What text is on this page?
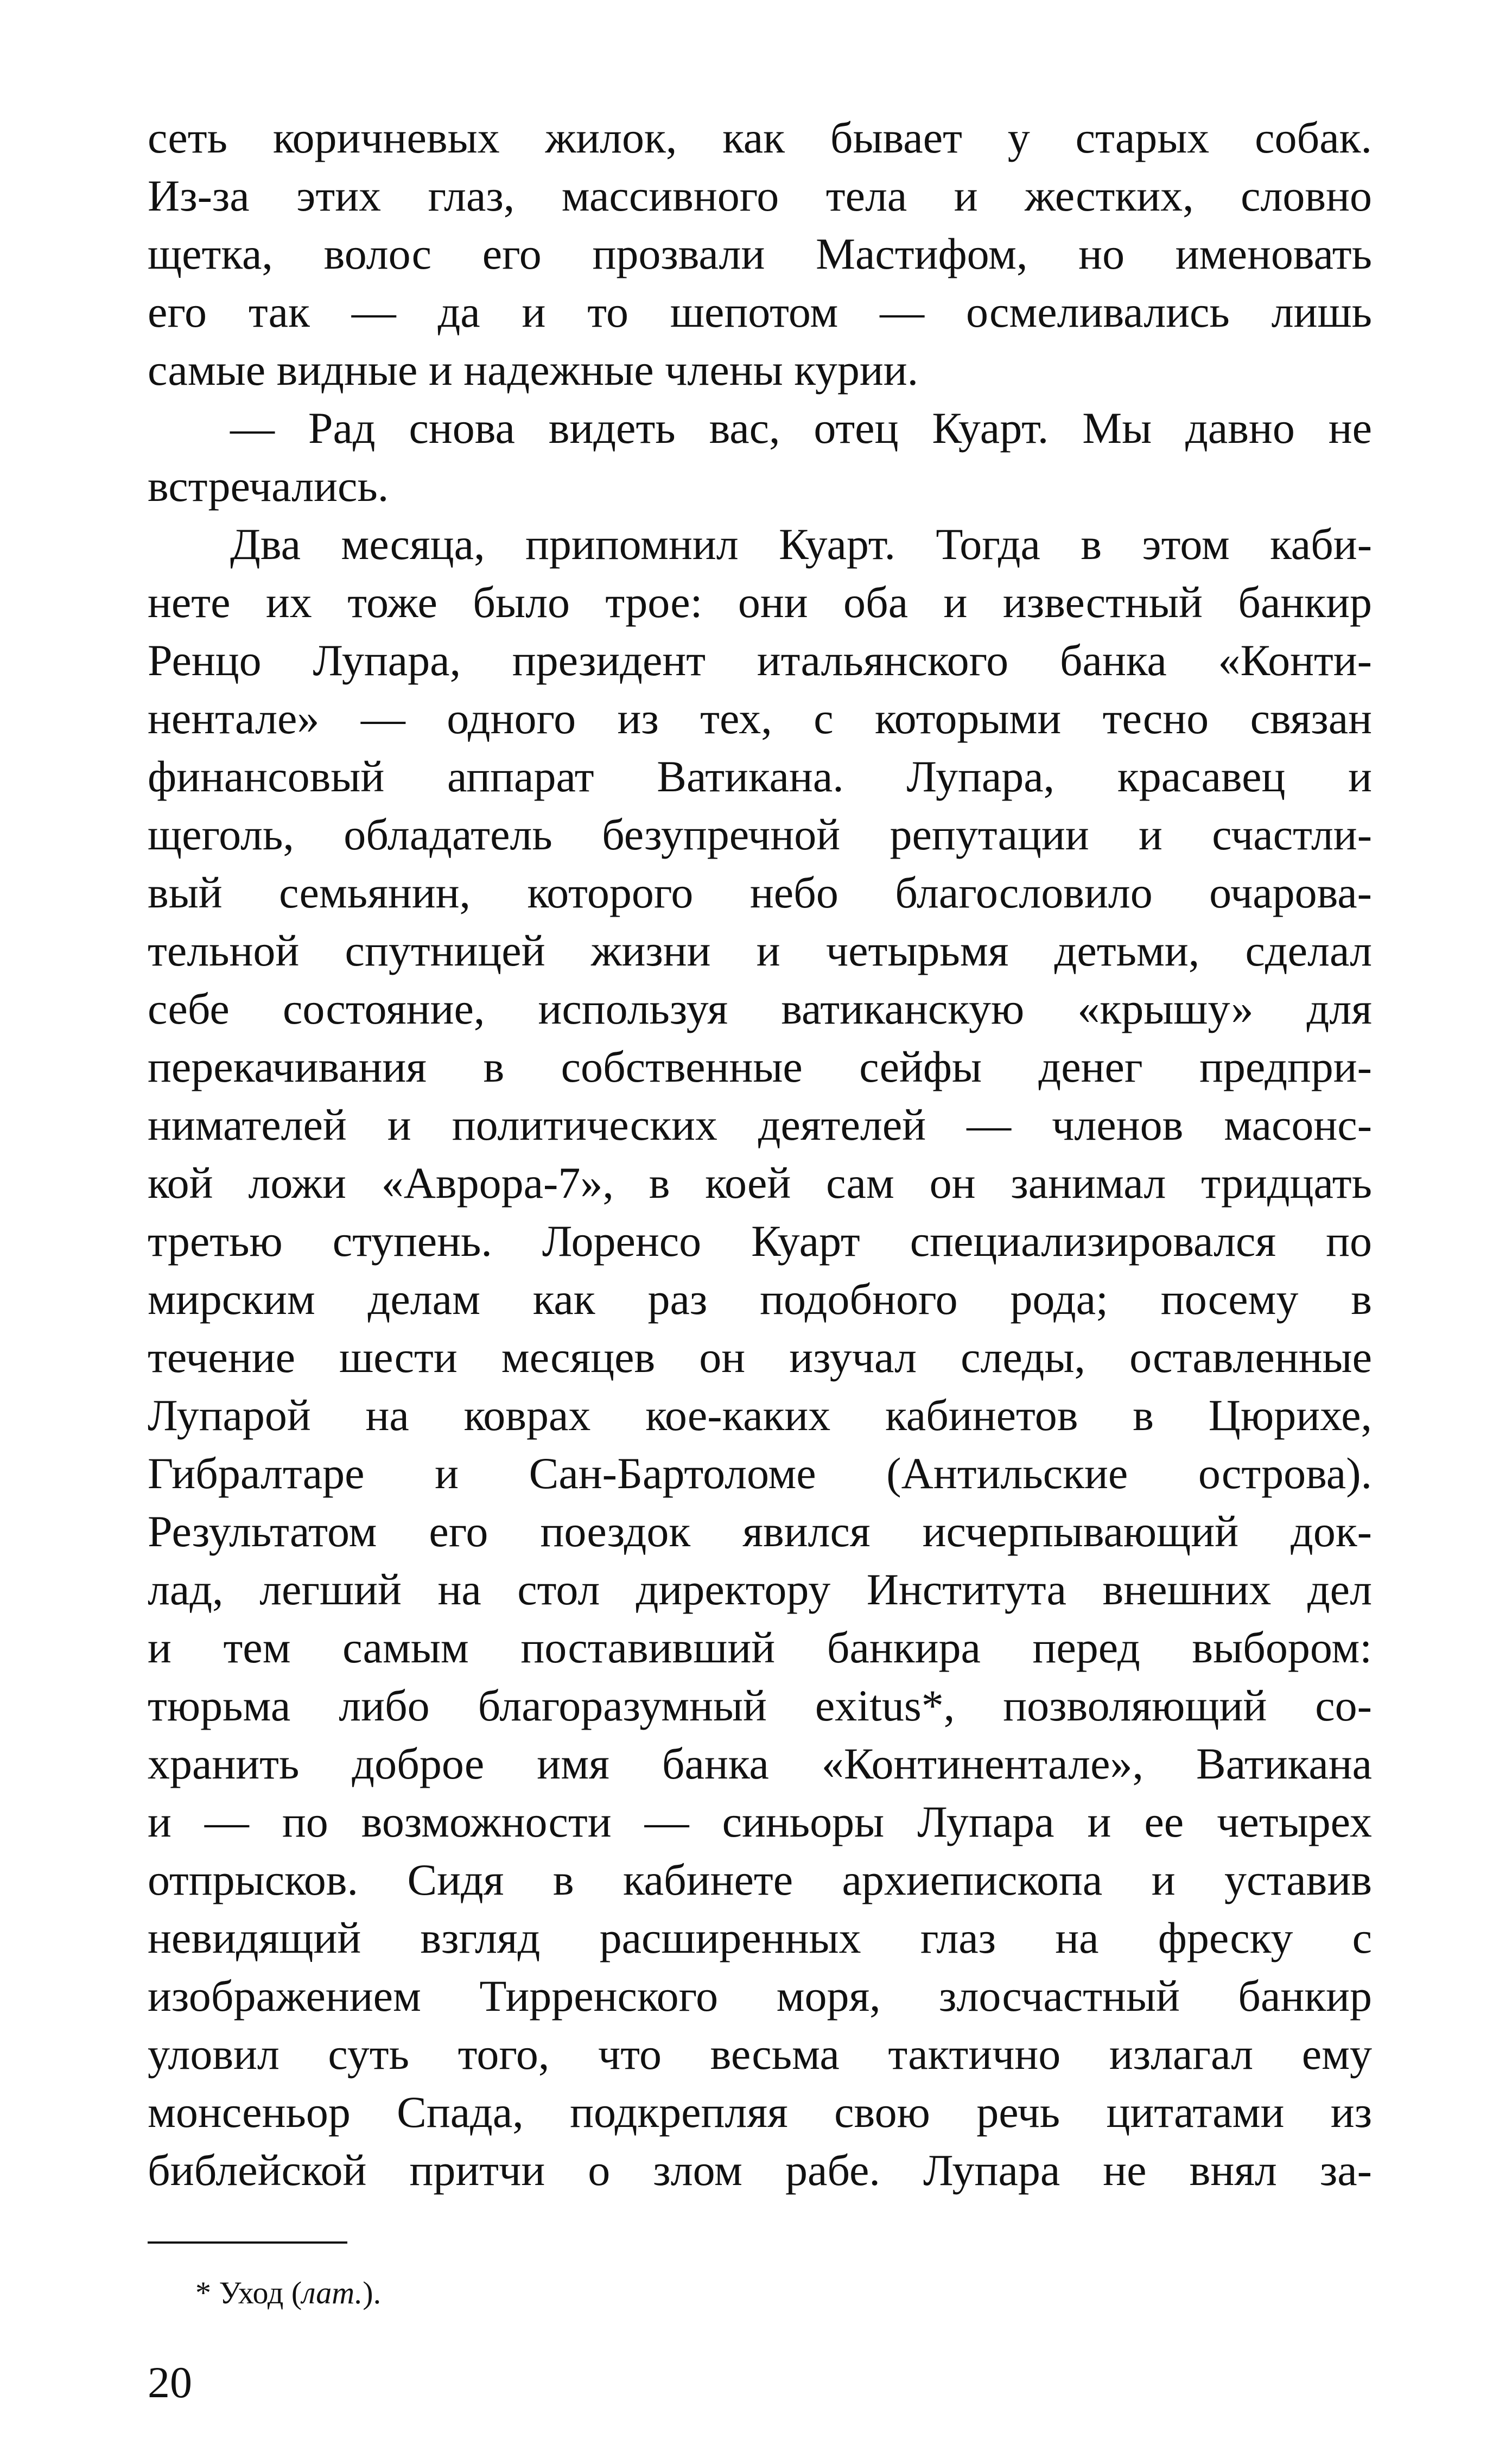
сеть коричневых жилок, как бывает у старых собак.
Из-за этих глаз, массивного тела и жестких, словно
щетка, волос его прозвали Мастифом, но именовать
его так — да и то шепотом — осмеливались лишь
самые видные и надежные члены курии.
— Рад снова видеть вас, отец Куарт. Мы давно не
встречались.
Два месяца, припомнил Куарт. Тогда в этом каби-
нете их тоже было трое: они оба и известный банкир
Ренцо Лупара, президент итальянского банка «Конти-
нентале» — одного из тех, с которыми тесно связан
финансовый аппарат Ватикана. Лупара, красавец и
щеголь, обладатель безупречной репутации и счастли-
вый семьянин, которого небо благословило очарова-
тельной спутницей жизни и четырьмя детьми, сделал
себе состояние, используя ватиканскую «крышу» для
перекачивания в собственные сейфы денег предпри-
нимателей и политических деятелей — членов масонс-
кой ложи «Аврора-7», в коей сам он занимал тридцать
третью ступень. Лоренсо Куарт специализировался по
мирским делам как раз подобного рода; посему в
течение шести месяцев он изучал следы, оставленные
Лупарой на коврах кое-каких кабинетов в Цюрихе,
Гибралтаре и Сан-Бартоломе (Антильские острова).
Результатом его поездок явился исчерпывающий док-
лад, легший на стол директору Института внешних дел
и тем самым поставивший банкира перед выбором:
тюрьма либо благоразумный exitus*, позволяющий со-
хранить доброе имя банка «Континентале», Ватикана
и — по возможности — синьоры Лупара и ее четырех
отпрысков. Сидя в кабинете архиепископа и уставив
невидящий взгляд расширенных глаз на фреску с
изображением Тирренского моря, злосчастный банкир
уловил суть того, что весьма тактично излагал ему
монсеньор Спада, подкрепляя свою речь цитатами из
библейской притчи о злом рабе. Лупара не внял за-
* Уход (лат.).
20
